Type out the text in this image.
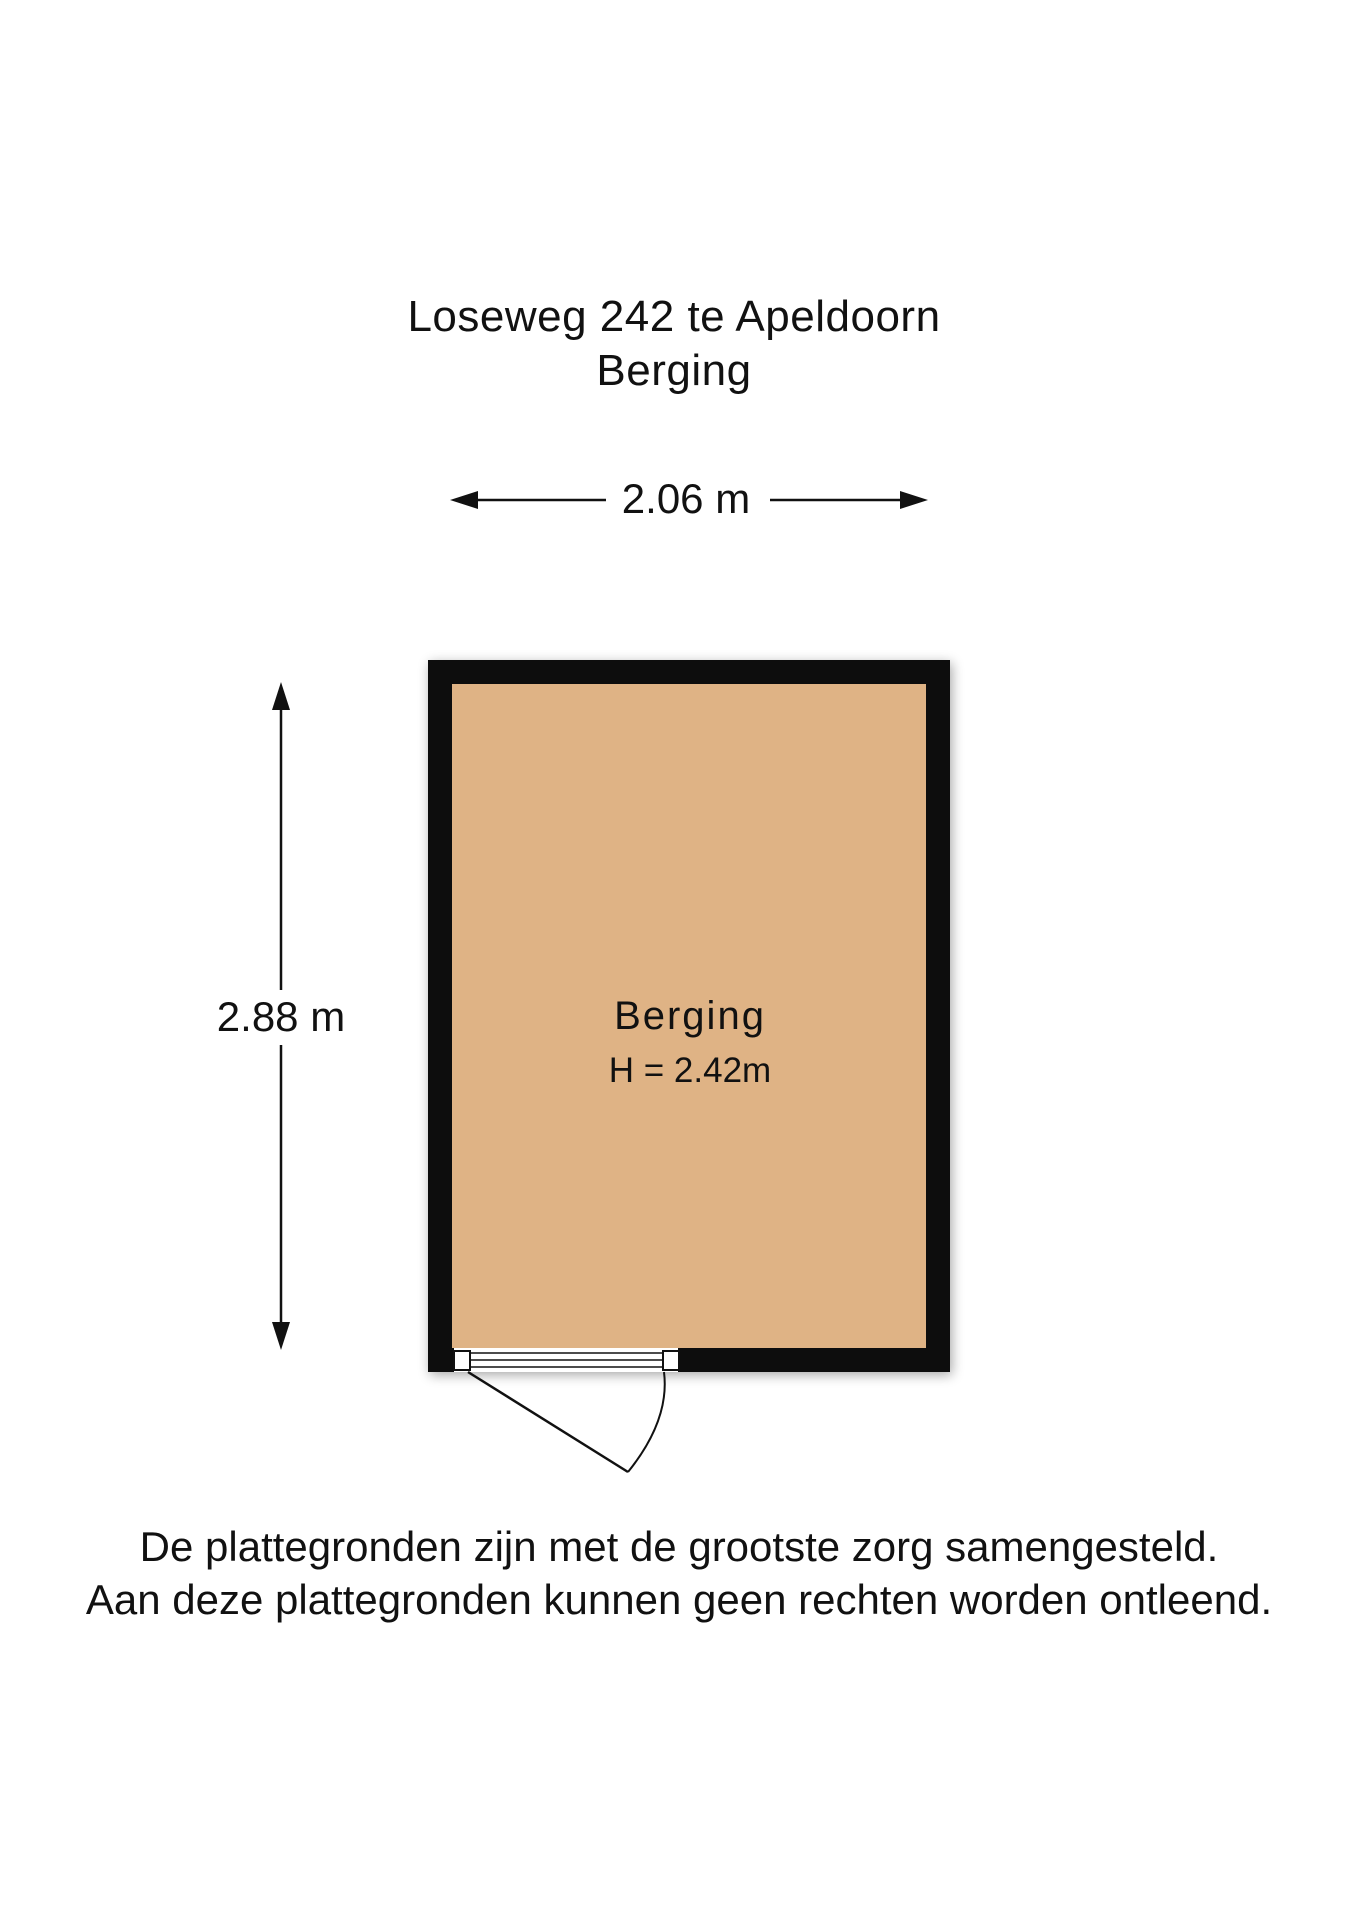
Loseweg 242 te Apeldoorn
Berging
2.06 m
2.88 m	Berging
H = 2.42m
De plattegronden zijn met de grootste zorg samengesteld.
Aan deze plattegronden kunnen geen rechten worden ontleend.
